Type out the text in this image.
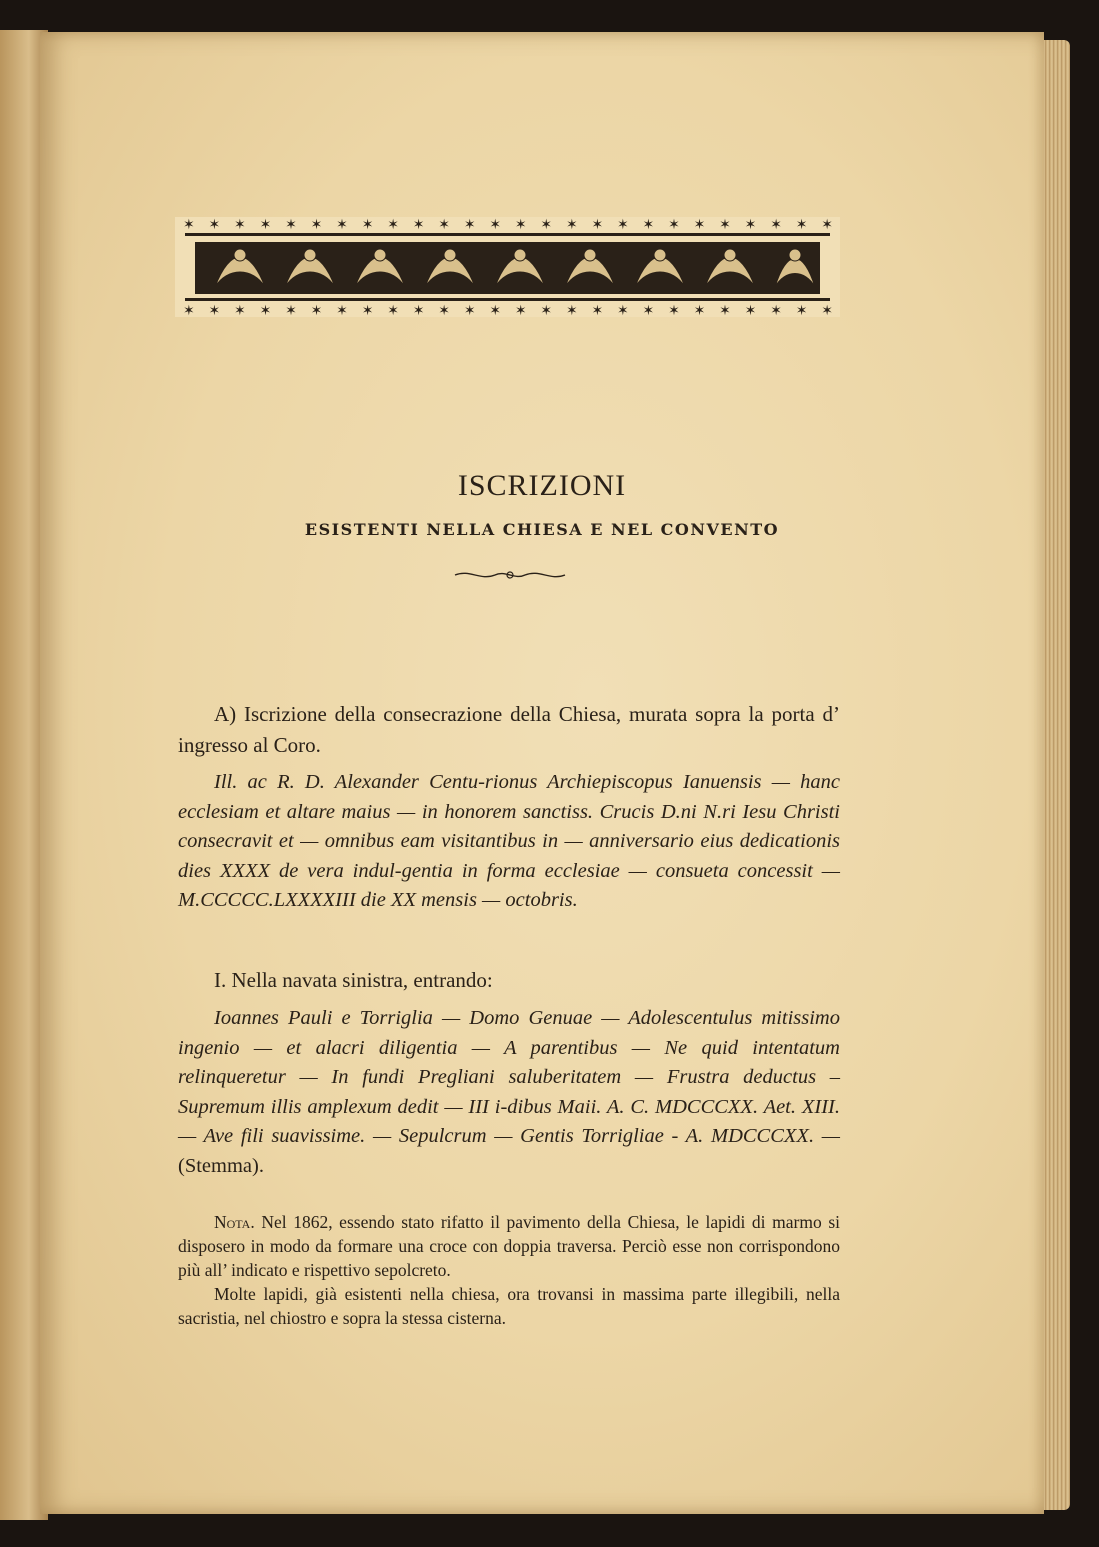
✶✶✶✶✶✶✶✶✶✶✶✶✶✶✶✶✶✶✶✶✶✶✶✶✶✶
✶✶✶✶✶✶✶✶✶✶✶✶✶✶✶✶✶✶✶✶✶✶✶✶✶✶
ISCRIZIONI
ESISTENTI NELLA CHIESA E NEL CONVENTO
A) Iscrizione della consecrazione della Chiesa, murata sopra la porta d’ ingresso al Coro.
Ill. ac R. D. Alexander Centu-rionus Archiepiscopus Ianuensis — hanc ecclesiam et altare maius — in honorem sanctiss. Crucis D.ni N.ri Iesu Christi consecravit et — omnibus eam visitantibus in — anniversario eius dedicationis dies XXXX de vera indul-gentia in forma ecclesiae — consueta concessit — M.CCCCC.LXXXXIII die XX mensis — octobris.
I. Nella navata sinistra, entrando:
Ioannes Pauli e Torriglia — Domo Genuae — Adolescentulus mitissimo ingenio — et alacri diligentia — A parentibus — Ne quid intentatum relinqueretur — In fundi Pregliani saluberitatem — Frustra deductus – Supremum illis amplexum dedit — III i-dibus Maii. A. C. MDCCCXX. Aet. XIII. — Ave fili suavissime. — Sepulcrum — Gentis Torrigliae - A. MDCCCXX. — (Stemma).
Nota. Nel 1862, essendo stato rifatto il pavimento della Chiesa, le lapidi di marmo si disposero in modo da formare una croce con doppia traversa. Perciò esse non corrispondono più all’ indicato e rispettivo sepolcreto.
Molte lapidi, già esistenti nella chiesa, ora trovansi in massima parte illegibili, nella sacristia, nel chiostro e sopra la stessa cisterna.
